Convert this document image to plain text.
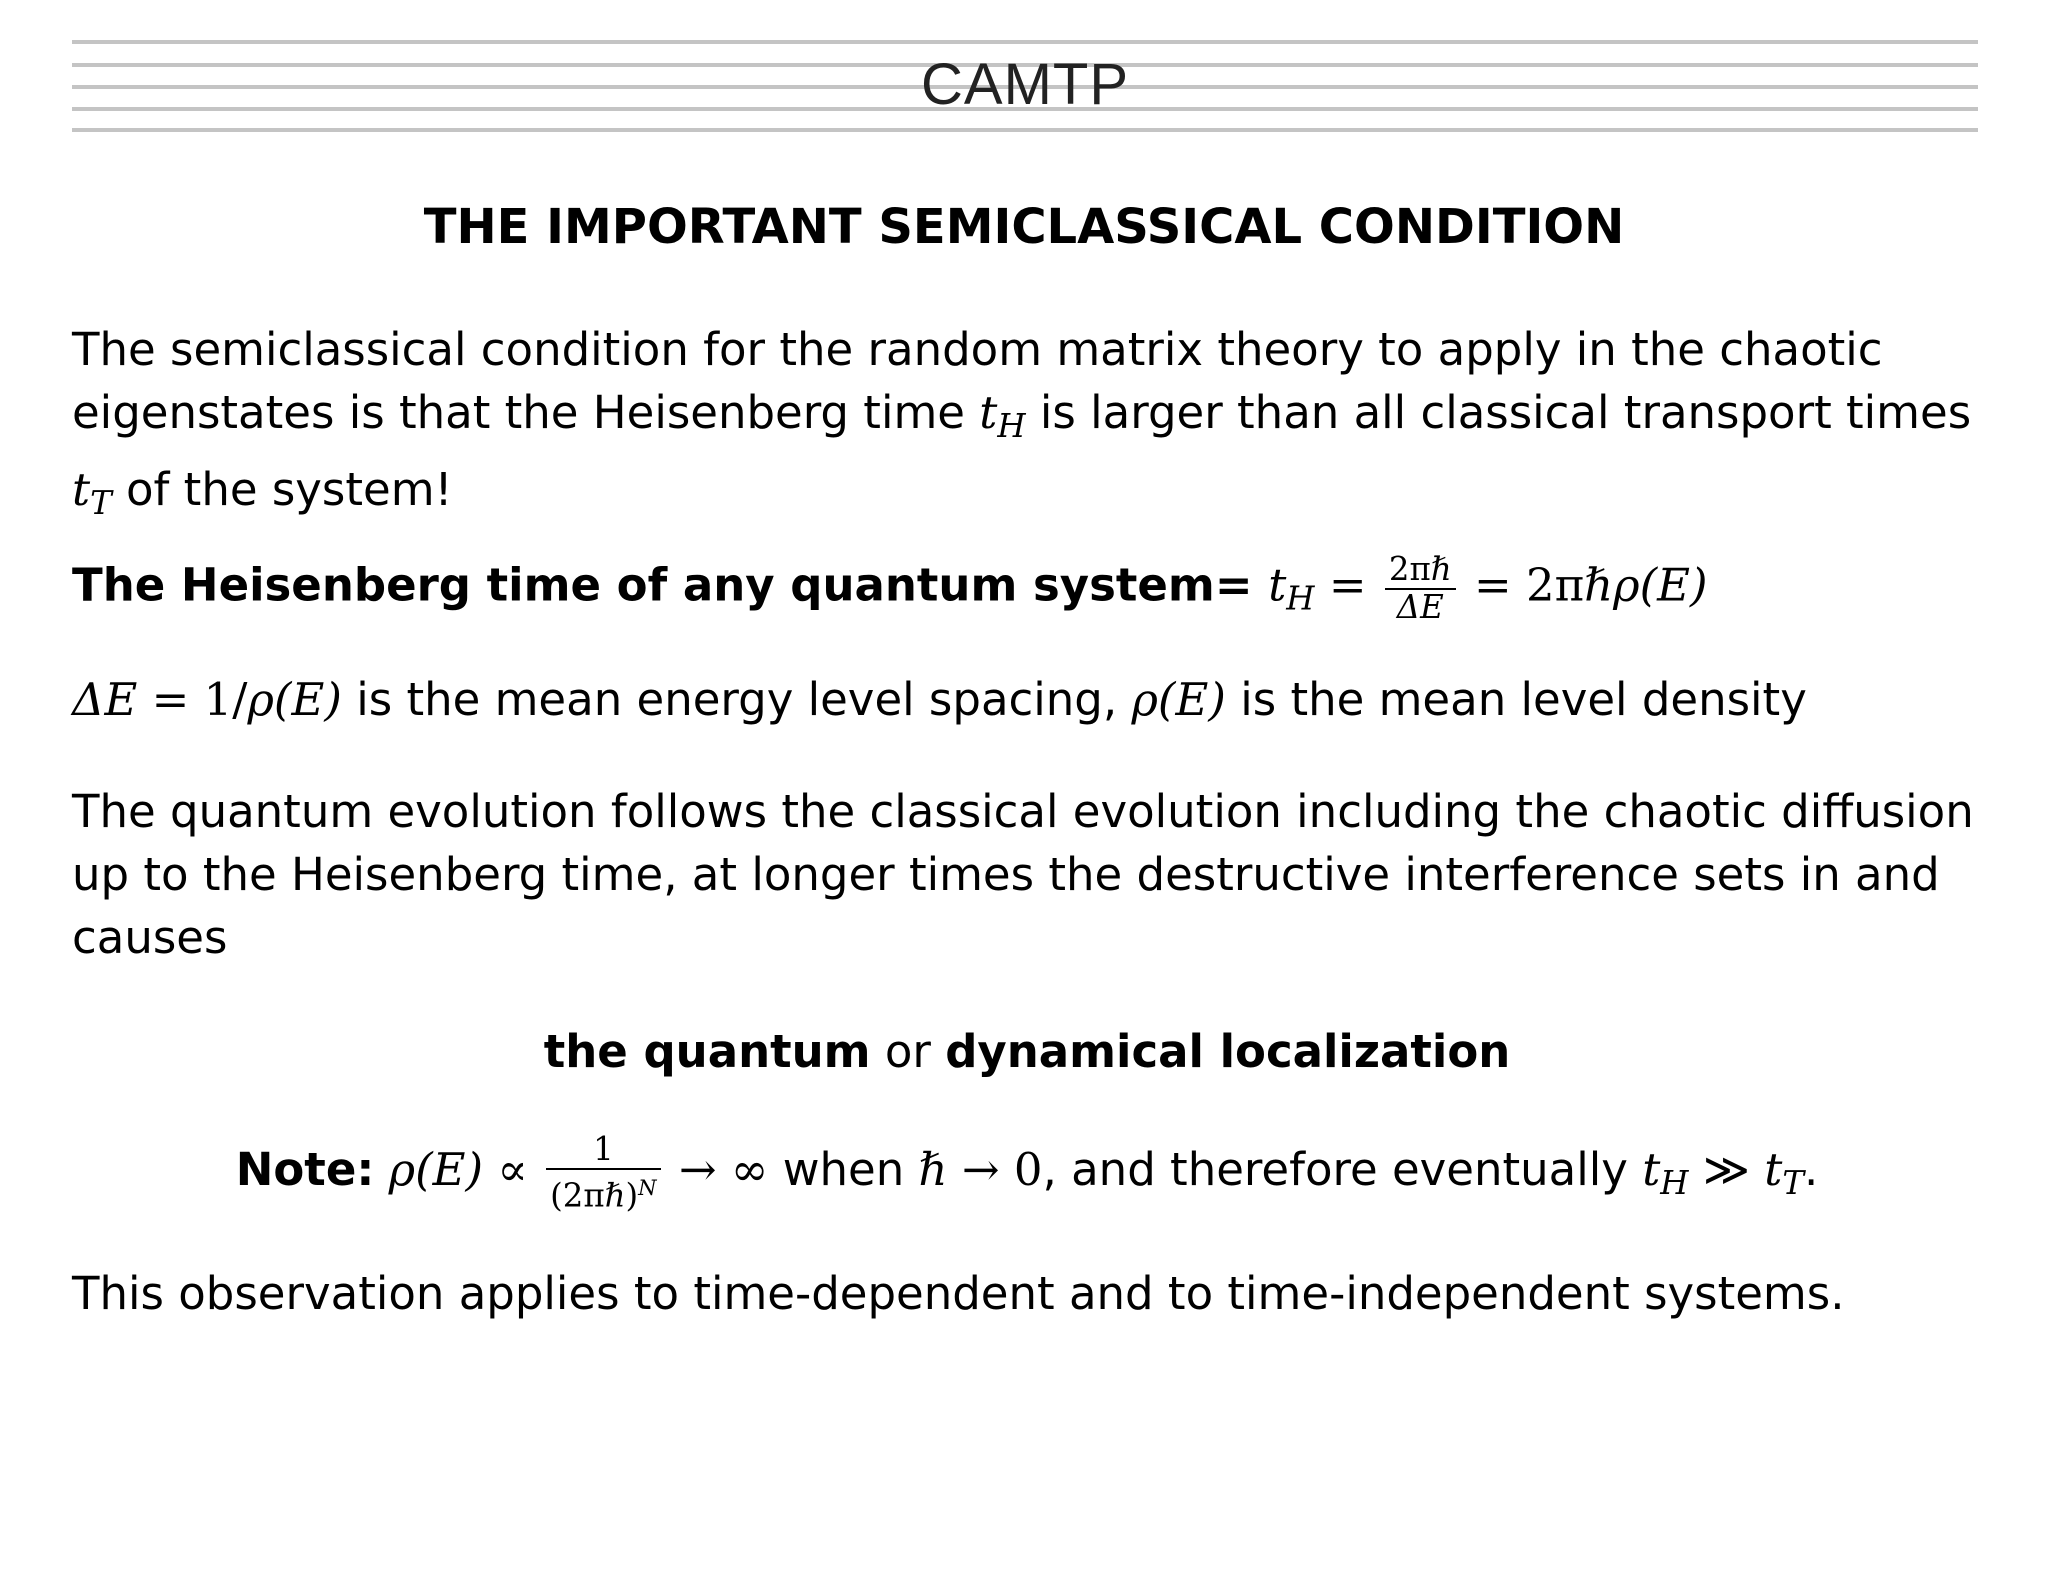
CAMTP
THE IMPORTANT SEMICLASSICAL CONDITION
The semiclassical condition for the random matrix theory to apply in the chaotic eigenstates is that the Heisenberg time $t_H$ is larger than all classical transport times $t_T$ of the system!
The Heisenberg time of any quantum system= $t_H = \frac{\text{2πℏ}}{\Delta E}$ = 2πℏρ(E)
ΔE = 1/ρ(E) is the mean energy level spacing, ρ(E) is the mean level density
The quantum evolution follows the classical evolution including the chaotic diffusion up to the Heisenberg time, at longer times the destructive interference sets in and causes
the quantum or dynamical localization
Note: $\rho(E) \propto \frac{1}{(2\pi\hbar)^N}$ → ∞ when ℏ → 0, and therefore eventually $t_H$ ≫ $t_T$.
This observation applies to time-dependent and to time-independent systems.
